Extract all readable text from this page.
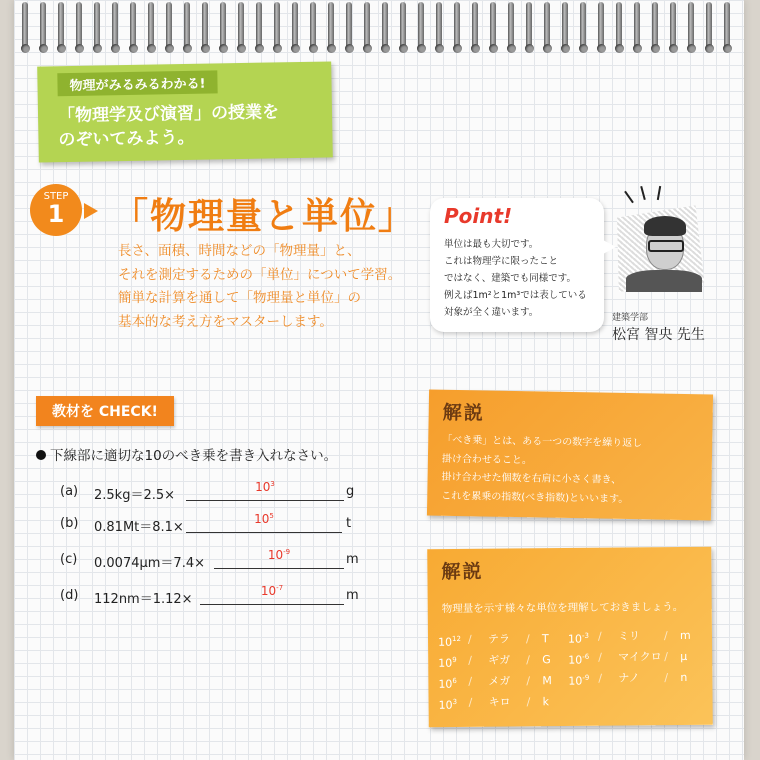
物理がみるみるわかる!
「物理学及び演習」の授業を
のぞいてみよう。
STEP
1	「物理量と単位」
長さ、面積、時間などの「物理量」と、
それを測定するための「単位」について学習。
簡単な計算を通して「物理量と単位」の
基本的な考え方をマスターします。
Point!
単位は最も大切です。
これは物理学に限ったこと
ではなく、建築でも同様です。
例えば1m²と1m³では表している
対象が全く違います。	建築学部
松宮 智央 先生
教材を CHECK!
下線部に適切な10のべき乗を書き入れなさい。
(a) 2.5kg＝2.5×
$10^3$	g
(b) 0.81Mt＝8.1×
$10^5$	t
(c) 0.0074μm＝7.4×
$10^{-9}$	m
(d) 112nm＝1.12×
$10^{-7}$	m
解説
「べき乗」とは、ある一つの数字を繰り返し
掛け合わせること。
掛け合わせた個数を右肩に小さく書き、
これを累乗の指数(べき指数)といいます。
解説
物理量を示す様々な単位を理解しておきましょう。
$10^{12}$ / テラ / T
$10^9$ / ギガ / G
$10^6$ / メガ / M
$10^3$ / キロ / k
$10^{-3}$ / ミリ / m
$10^{-6}$ / マイクロ / μ
$10^{-9}$ / ナノ / n
